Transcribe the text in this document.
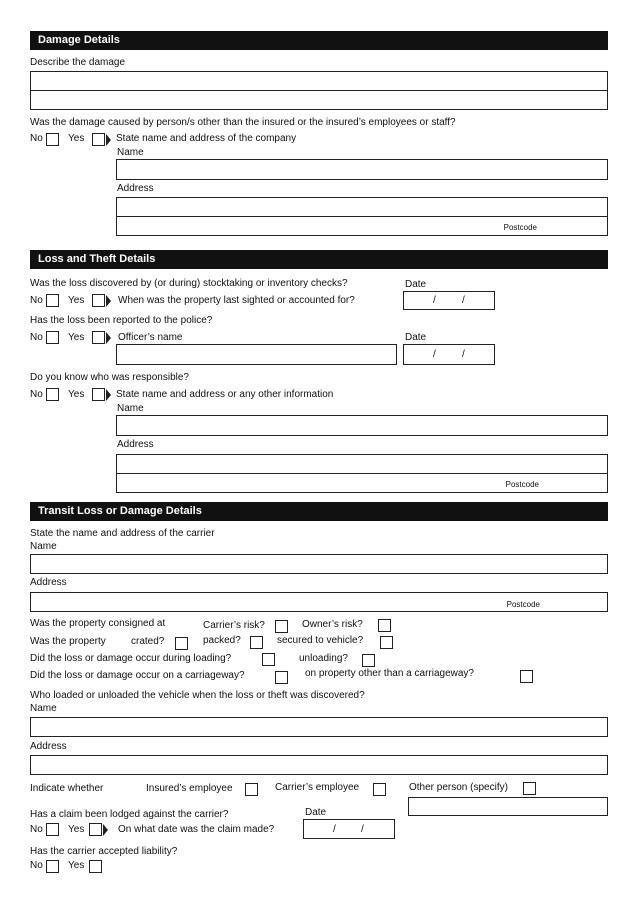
Damage Details
Describe the damage
Was the damage caused by person/s other than the insured or the insured’s employees or staff?
No	Yes	State name and address of the company
Name
Address
Postcode
Loss and Theft Details
Was the loss discovered by (or during) stocktaking or inventory checks?	Date
No	Yes	When was the property last sighted or accounted for?	/	/
Has the loss been reported to the police?
Date
No	Yes	Officer’s name
/	/
Do you know who was responsible?
No	Yes	State name and address or any other information
Name
Address
Postcode
Transit Loss or Damage Details
State the name and address of the carrier
Name
Address
Postcode
Was the property consigned at	Carrier’s risk?	Owner’s risk?
Was the property	crated?	packed?	secured to vehicle?
Did the loss or damage occur during loading?	unloading?
Did the loss or damage occur on a carriageway?	on property other than a carriageway?
Who loaded or unloaded the vehicle when the loss or theft was discovered?
Name
Address
Indicate whether	Insured’s employee	Carrier’s employee	Other person (specify)
Has a claim been lodged against the carrier?	Date
No	Yes	On what date was the claim made?	/	/
Has the carrier accepted liability?
No	Yes
